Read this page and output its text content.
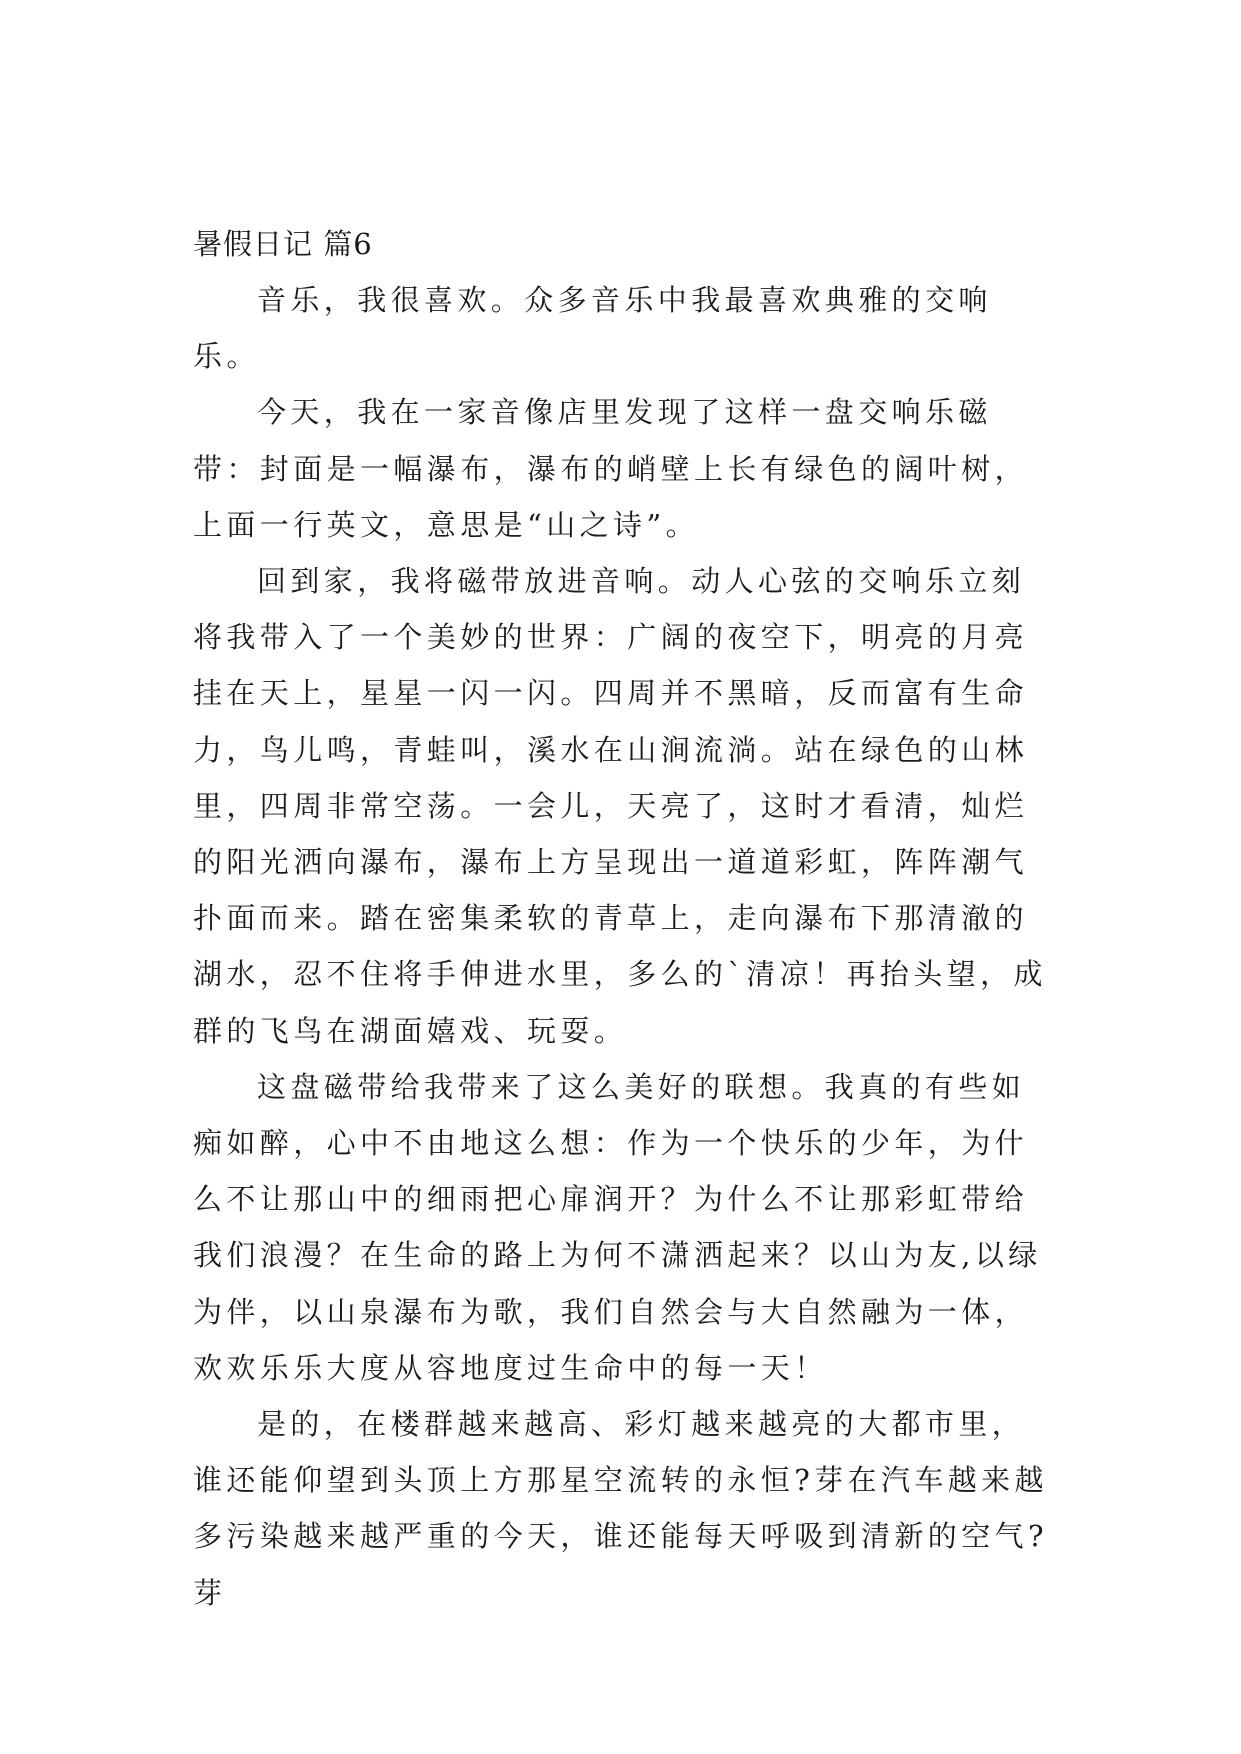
暑假日记 篇6

音乐，我很喜欢。众多音乐中我最喜欢典雅的交响乐。

今天，我在一家音像店里发现了这样一盘交响乐磁带：封面是一幅瀑布，瀑布的峭壁上长有绿色的阔叶树，上面一行英文，意思是“山之诗”。

回到家，我将磁带放进音响。动人心弦的交响乐立刻将我带入了一个美妙的世界：广阔的夜空下，明亮的月亮挂在天上，星星一闪一闪。四周并不黑暗，反而富有生命力，鸟儿鸣，青蛙叫，溪水在山涧流淌。站在绿色的山林里，四周非常空荡。一会儿，天亮了，这时才看清，灿烂的阳光洒向瀑布，瀑布上方呈现出一道道彩虹，阵阵潮气扑面而来。踏在密集柔软的青草上，走向瀑布下那清澈的湖水，忍不住将手伸进水里，多么的`清凉！再抬头望，成群的飞鸟在湖面嬉戏、玩耍。

这盘磁带给我带来了这么美好的联想。我真的有些如痴如醉，心中不由地这么想：作为一个快乐的少年，为什么不让那山中的细雨把心扉润开？为什么不让那彩虹带给我们浪漫？在生命的路上为何不潇洒起来？以山为友,以绿为伴，以山泉瀑布为歌，我们自然会与大自然融为一体，欢欢乐乐大度从容地度过生命中的每一天！

是的，在楼群越来越高、彩灯越来越亮的大都市里，谁还能仰望到头顶上方那星空流转的永恒?芽在汽车越来越多污染越来越严重的今天，谁还能每天呼吸到清新的空气?芽
